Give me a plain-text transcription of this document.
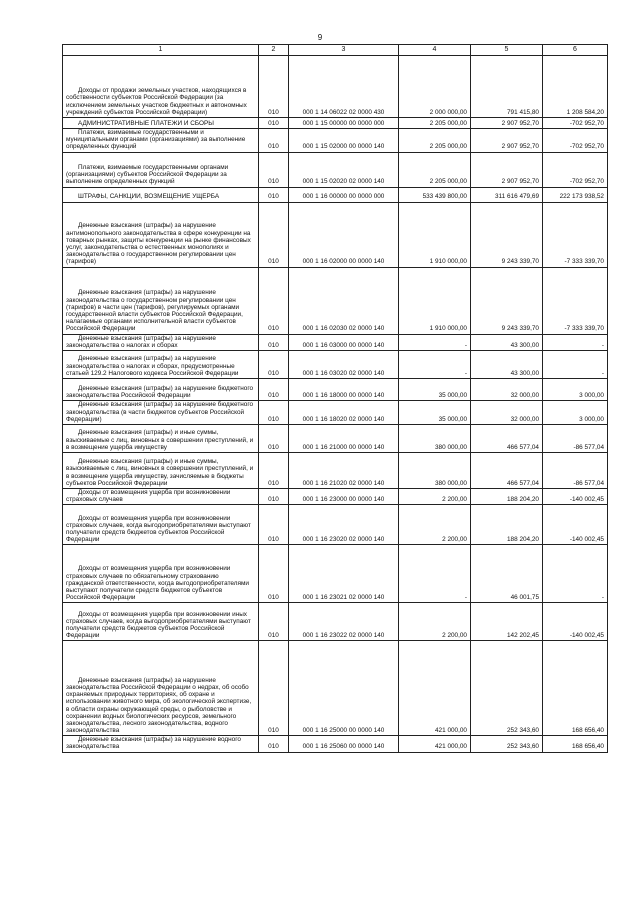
9
1	2	3	4	5	6

Доходы от продажи земельных участков, находящихся в собственности субъектов Российской Федерации (за исключением земельных участков бюджетных и автономных учреждений субъектов Российской Федерации)	010	000 1 14 06022 02 0000 430	2 000 000,00	791 415,80	1 208 584,20

АДМИНИСТРАТИВНЫЕ ПЛАТЕЖИ И СБОРЫ	010	000 1 15 00000 00 0000 000	2 205 000,00	2 907 952,70	-702 952,70

Платежи, взимаемые государственными и муниципальными органами (организациями) за выполнение определенных функций	010	000 1 15 02000 00 0000 140	2 205 000,00	2 907 952,70	-702 952,70

Платежи, взимаемые государственными органами (организациями) субъектов Российской Федерации за выполнение определенных функций	010	000 1 15 02020 02 0000 140	2 205 000,00	2 907 952,70	-702 952,70

ШТРАФЫ, САНКЦИИ, ВОЗМЕЩЕНИЕ УЩЕРБА	010	000 1 16 00000 00 0000 000	533 439 800,00	311 616 479,69	222 173 938,52

Денежные взыскания (штрафы) за нарушение антимонопольного законодательства в сфере конкуренции на товарных рынках, защиты конкуренции на рынке финансовых услуг, законодательства о естественных монополиях и законодательства о государственном регулировании цен (тарифов)	010	000 1 16 02000 00 0000 140	1 910 000,00	9 243 339,70	-7 333 339,70

Денежные взыскания (штрафы) за нарушение законодательства о государственном регулировании цен (тарифов) в части цен (тарифов), регулируемых органами государственной власти субъектов Российской Федерации, налагаемые органами исполнительной власти субъектов Российской Федерации	010	000 1 16 02030 02 0000 140	1 910 000,00	9 243 339,70	-7 333 339,70

Денежные взыскания (штрафы) за нарушение законодательства о налогах и сборах	010	000 1 16 03000 00 0000 140	-	43 300,00	-

Денежные взыскания (штрафы) за нарушение законодательства о налогах и сборах, предусмотренные статьей 129.2 Налогового кодекса Российской Федерации	010	000 1 16 03020 02 0000 140	-	43 300,00	-

Денежные взыскания (штрафы) за нарушение бюджетного законодательства Российской Федерации	010	000 1 16 18000 00 0000 140	35 000,00	32 000,00	3 000,00

Денежные взыскания (штрафы) за нарушение бюджетного законодательства (в части бюджетов субъектов Российской Федерации)	010	000 1 16 18020 02 0000 140	35 000,00	32 000,00	3 000,00

Денежные взыскания (штрафы) и иные суммы, взыскиваемые с лиц, виновных в совершении преступлений, и в возмещение ущерба имуществу	010	000 1 16 21000 00 0000 140	380 000,00	466 577,04	-86 577,04

Денежные взыскания (штрафы) и иные суммы, взыскиваемые с лиц, виновных в совершении преступлений, и в возмещение ущерба имуществу, зачисляемые в бюджеты субъектов Российской Федерации	010	000 1 16 21020 02 0000 140	380 000,00	466 577,04	-86 577,04

Доходы от возмещения ущерба при возникновении страховых случаев	010	000 1 16 23000 00 0000 140	2 200,00	188 204,20	-140 002,45

Доходы от возмещения ущерба при возникновении страховых случаев, когда выгодоприобретателями выступают получатели средств бюджетов субъектов Российской Федерации	010	000 1 16 23020 02 0000 140	2 200,00	188 204,20	-140 002,45

Доходы от возмещения ущерба при возникновении страховых случаев по обязательному страхованию гражданской ответственности, когда выгодоприобретателями выступают получатели средств бюджетов субъектов Российской Федерации	010	000 1 16 23021 02 0000 140	-	46 001,75	-

Доходы от возмещения ущерба при возникновении иных страховых случаев, когда выгодоприобретателями выступают получатели средств бюджетов субъектов Российской Федерации	010	000 1 16 23022 02 0000 140	2 200,00	142 202,45	-140 002,45

Денежные взыскания (штрафы) за нарушение законодательства Российской Федерации о недрах, об особо охраняемых природных территориях, об охране и использовании животного мира, об экологической экспертизе, в области охраны окружающей среды, о рыболовстве и сохранении водных биологических ресурсов, земельного законодательства, лесного законодательства, водного законодательства	010	000 1 16 25000 00 0000 140	421 000,00	252 343,60	168 656,40

Денежные взыскания (штрафы) за нарушение водного законодательства	010	000 1 16 25060 00 0000 140	421 000,00	252 343,60	168 656,40
